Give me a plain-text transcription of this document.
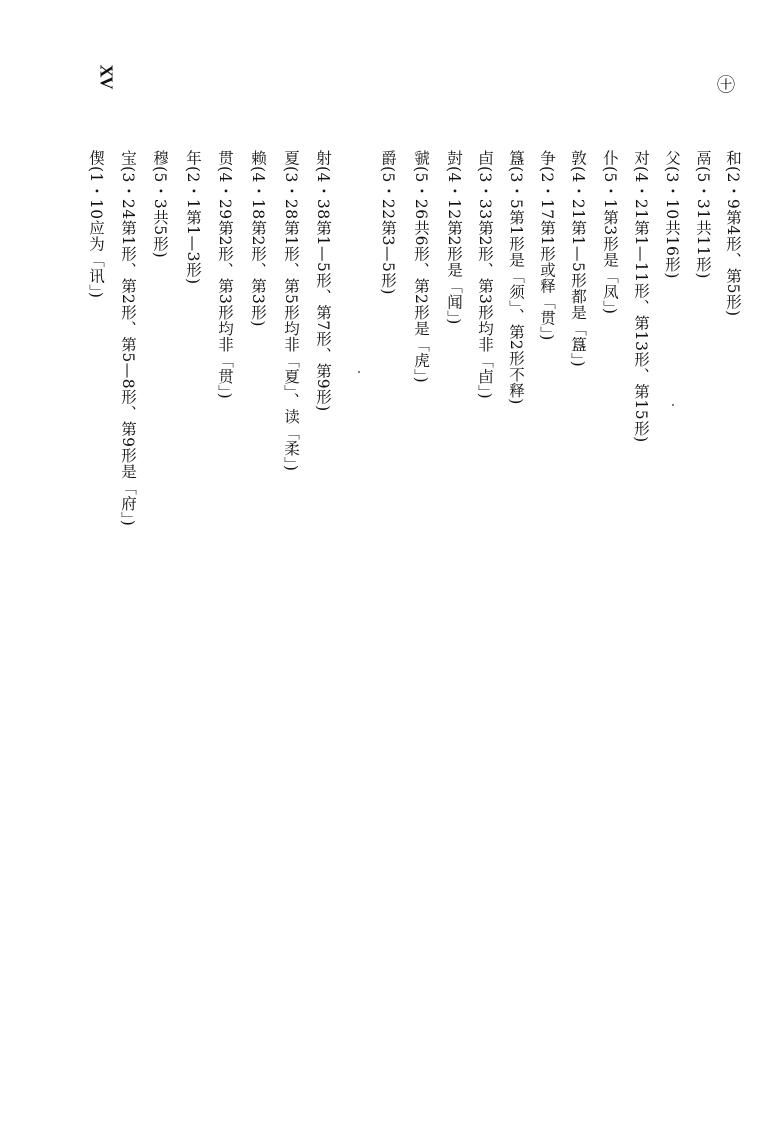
XV	㊉
和(2・9第4形、第5形)
鬲(5・31共11形)
父(3・10共16形)
对(4・21第1—11形、第13形、第15形)
仆(5・1第3形是「凤」)
敦(4・21第1—5形都是「簋」)
争(2・17第1形或释「贯」)
簋(3・5第1形是「须」、第2形不释)
卣(3・33第2形、第3形均非「卣」)
尌(4・12第2形是「闻」)
虢(5・26共6形、第2形是「虎」)
爵(5・22第3—5形)
射(4・38第1—5形、第7形、第9形)
夏(3・28第1形、第5形均非「夏」、读「柔」)
赖(4・18第2形、第3形)
贯(4・29第2形、第3形均非「贯」)
年(2・1第1—3形)
穆(5・3共5形)
宝(3・24第1形、第2形、第5—8形、第9形是「府」)
偰(1・10应为「讯」)
